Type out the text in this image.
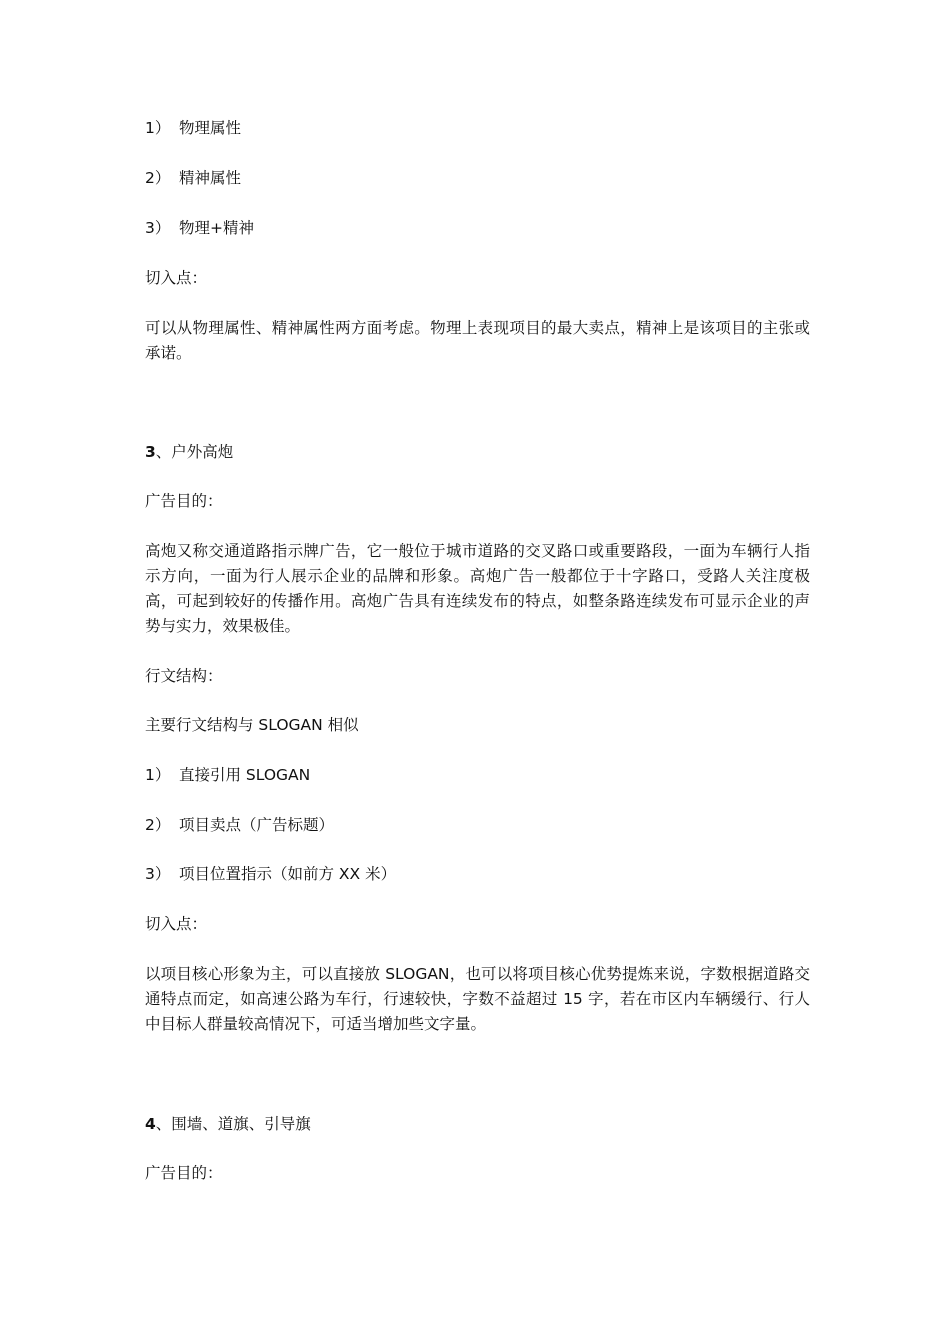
1） 物理属性

2） 精神属性

3） 物理+精神

切入点：

可以从物理属性、精神属性两方面考虑。物理上表现项目的最大卖点，精神上是该项目的主张或承诺。

3、户外高炮

广告目的：

高炮又称交通道路指示牌广告，它一般位于城市道路的交叉路口或重要路段，一面为车辆行人指示方向，一面为行人展示企业的品牌和形象。高炮广告一般都位于十字路口，受路人关注度极高，可起到较好的传播作用。高炮广告具有连续发布的特点，如整条路连续发布可显示企业的声势与实力，效果极佳。

行文结构：

主要行文结构与 SLOGAN 相似

1） 直接引用 SLOGAN

2） 项目卖点（广告标题）

3） 项目位置指示（如前方 XX 米）

切入点：

以项目核心形象为主，可以直接放 SLOGAN，也可以将项目核心优势提炼来说，字数根据道路交通特点而定，如高速公路为车行，行速较快，字数不益超过 15 字，若在市区内车辆缓行、行人中目标人群量较高情况下，可适当增加些文字量。

4、围墙、道旗、引导旗

广告目的：
